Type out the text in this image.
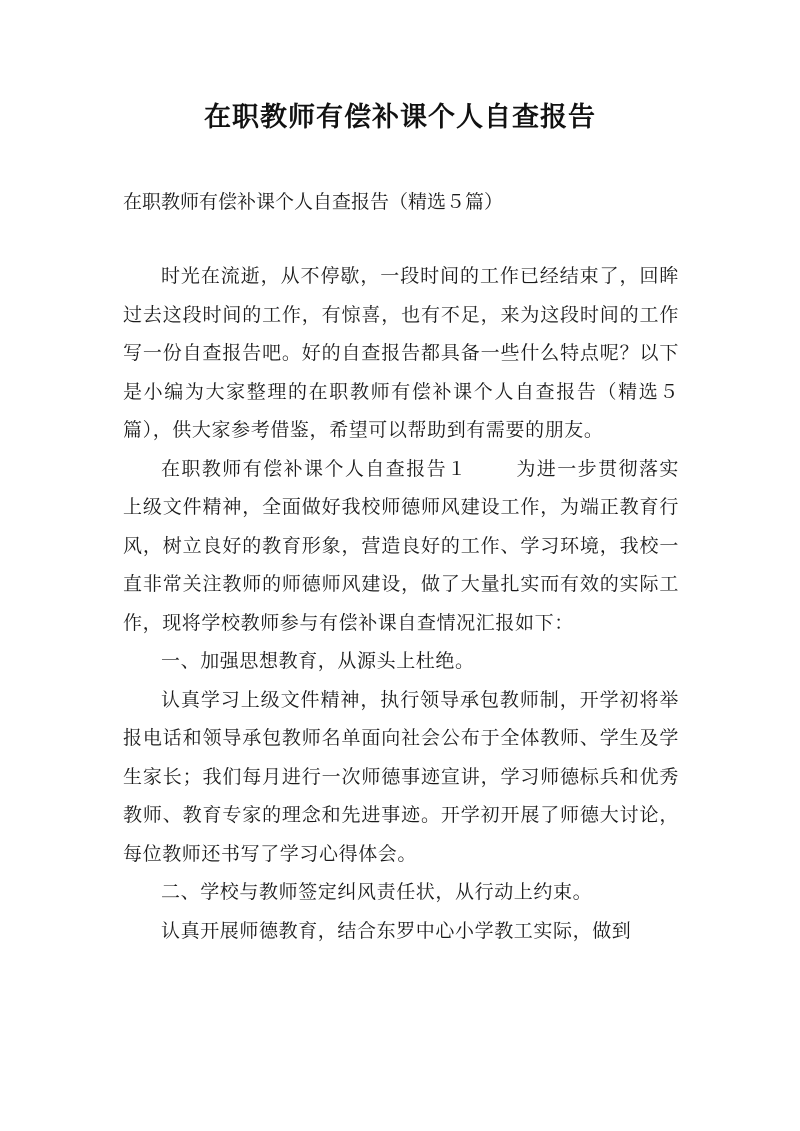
在职教师有偿补课个人自查报告
在职教师有偿补课个人自查报告（精选５篇）

时光在流逝，从不停歇，一段时间的工作已经结束了，回眸过去这段时间的工作，有惊喜，也有不足，来为这段时间的工作写一份自查报告吧。好的自查报告都具备一些什么特点呢？以下是小编为大家整理的在职教师有偿补课个人自查报告（精选５篇），供大家参考借鉴，希望可以帮助到有需要的朋友。

在职教师有偿补课个人自查报告１	为进一步贯彻落实上级文件精神，全面做好我校师德师风建设工作，为端正教育行风，树立良好的教育形象，营造良好的工作、学习环境，我校一直非常关注教师的师德师风建设，做了大量扎实而有效的实际工作，现将学校教师参与有偿补课自查情况汇报如下：

一、加强思想教育，从源头上杜绝。

认真学习上级文件精神，执行领导承包教师制，开学初将举报电话和领导承包教师名单面向社会公布于全体教师、学生及学生家长；我们每月进行一次师德事迹宣讲，学习师德标兵和优秀教师、教育专家的理念和先进事迹。开学初开展了师德大讨论，每位教师还书写了学习心得体会。

二、学校与教师签定纠风责任状，从行动上约束。

认真开展师德教育，结合东罗中心小学教工实际，做到
